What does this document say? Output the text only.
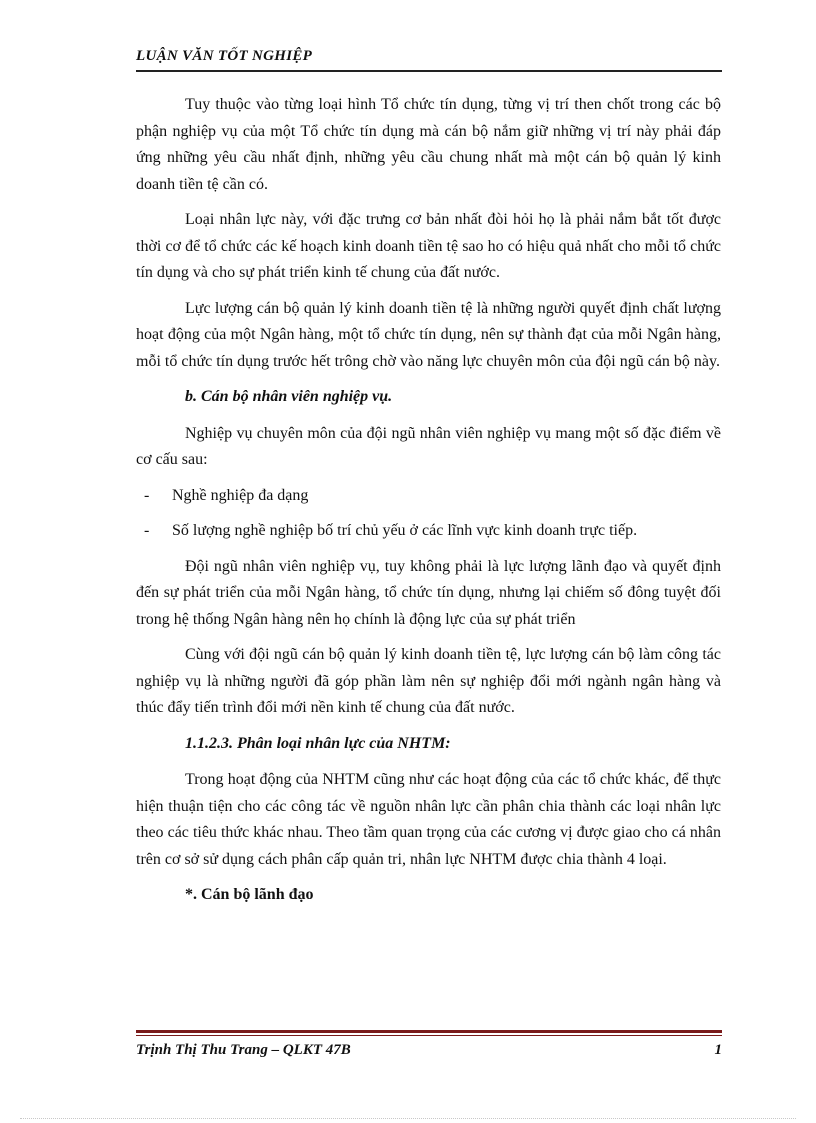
LUẬN VĂN TỐT NGHIỆP

Tuy thuộc vào từng loại hình Tổ chức tín dụng, từng vị trí then chốt trong các bộ phận nghiệp vụ của một Tổ chức tín dụng mà cán bộ nắm giữ những vị trí này phải đáp ứng những yêu cầu nhất định, những yêu cầu chung nhất mà một cán bộ quản lý kinh doanh tiền tệ cần có.

Loại nhân lực này, với đặc trưng cơ bản nhất đòi hỏi họ là phải nắm bắt tốt được thời cơ để tổ chức các kế hoạch kinh doanh tiền tệ sao ho có hiệu quả nhất cho mỗi tổ chức tín dụng và cho sự phát triển kinh tế chung của đất nước.

Lực lượng cán bộ quản lý kinh doanh tiền tệ là những người quyết định chất lượng hoạt động của một Ngân hàng, một tổ chức tín dụng, nên sự thành đạt của mỗi Ngân hàng, mỗi tổ chức tín dụng trước hết trông chờ vào năng lực chuyên môn của đội ngũ cán bộ này.

b. Cán bộ nhân viên nghiệp vụ.

Nghiệp vụ chuyên môn của đội ngũ nhân viên nghiệp vụ mang một số đặc điểm về cơ cấu sau:

- Nghề nghiệp đa dạng
- Số lượng nghề nghiệp bố trí chủ yếu ở các lĩnh vực kinh doanh trực tiếp.

Đội ngũ nhân viên nghiệp vụ, tuy không phải là lực lượng lãnh đạo và quyết định đến sự phát triển của mỗi Ngân hàng, tổ chức tín dụng, nhưng lại chiếm số đông tuyệt đối trong hệ thống Ngân hàng nên họ chính là động lực của sự phát triển

Cùng với đội ngũ cán bộ quản lý kinh doanh tiền tệ, lực lượng cán bộ làm công tác nghiệp vụ là những người đã góp phần làm nên sự nghiệp đổi mới ngành ngân hàng và thúc đẩy tiến trình đổi mới nền kinh tế chung của đất nước.

1.1.2.3. Phân loại nhân lực của NHTM:

Trong hoạt động của NHTM cũng như các hoạt động của các tổ chức khác, để thực hiện thuận tiện cho các công tác về nguồn nhân lực cần phân chia thành các loại nhân lực theo các tiêu thức khác nhau. Theo tầm quan trọng của các cương vị được giao cho cá nhân trên cơ sở sử dụng cách phân cấp quản tri, nhân lực NHTM được chia thành 4 loại.

*. Cán bộ lãnh đạo
Trịnh Thị Thu Trang – QLKT 47B	1
